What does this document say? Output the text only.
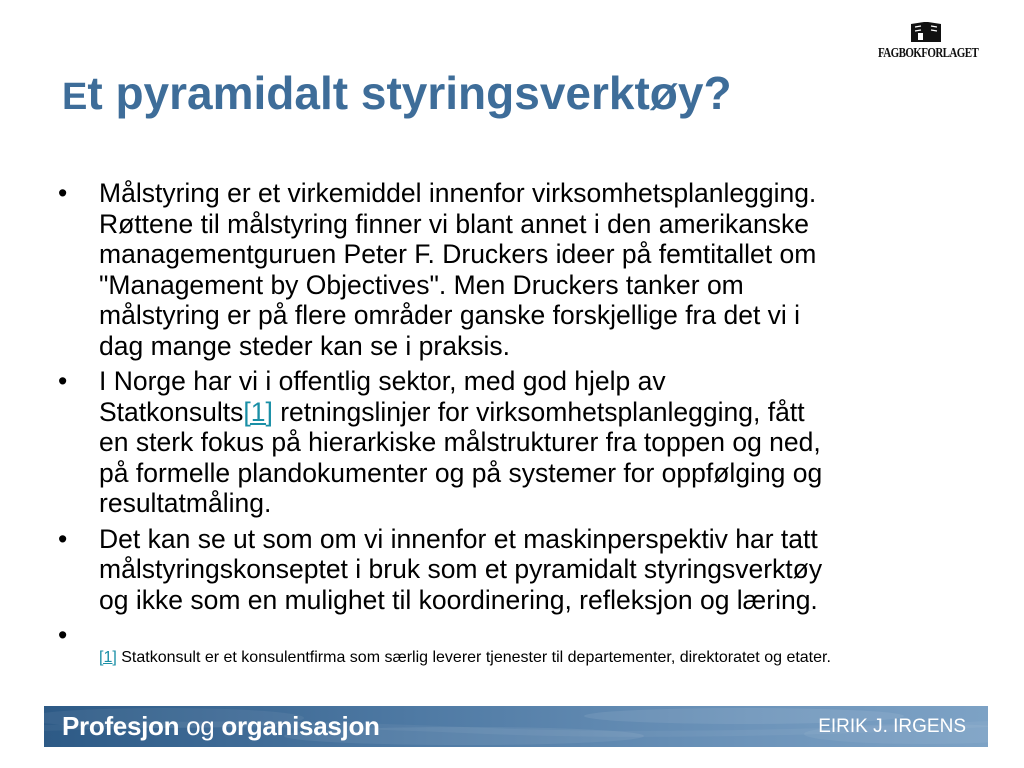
FAGBOKFORLAGET
Et pyramidalt styringsverktøy?
• Målstyring er et virkemiddel innenfor virksomhetsplanlegging.
Røttene til målstyring finner vi blant annet i den amerikanske
managementguruen Peter F. Druckers ideer på femtitallet om
"Management by Objectives". Men Druckers tanker om
målstyring er på flere områder ganske forskjellige fra det vi i
dag mange steder kan se i praksis.
• I Norge har vi i offentlig sektor, med god hjelp av
Statkonsults[1] retningslinjer for virksomhetsplanlegging, fått
en sterk fokus på hierarkiske målstrukturer fra toppen og ned,
på formelle plandokumenter og på systemer for oppfølging og
resultatmåling.
• Det kan se ut som om vi innenfor et maskinperspektiv har tatt
målstyringskonseptet i bruk som et pyramidalt styringsverktøy
og ikke som en mulighet til koordinering, refleksjon og læring.
•

[1] Statkonsult er et konsulentfirma som særlig leverer tjenester til departementer, direktoratet og etater.
Profesjon og organisasjon	EIRIK J. IRGENS
